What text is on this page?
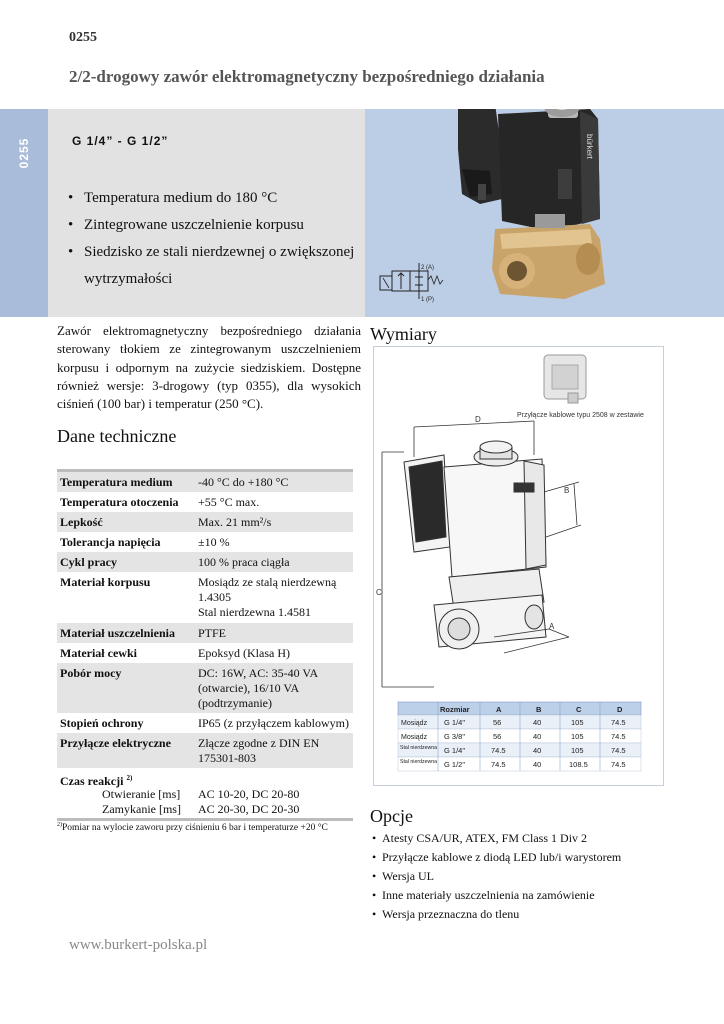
0255
2/2-drogowy zawór elektromagnetyczny bezpośredniego działania
0255	G 1/4” - G 1/2”
• Temperatura medium do 180 °C
• Zintegrowane uszczelnienie korpusu
• Siedzisko ze stali nierdzewnej o zwiększonej wytrzymałości
bürkert
2 (A)
1 (P)

Zawór elektromagnetyczny bezpośredniego działania sterowany tłokiem ze zintegrowanym uszczelnieniem korpusu i odpornym na zużycie siedziskiem. Dostępne również wersje: 3-drogowy (typ 0355), dla wysokich ciśnień (100 bar) i temperatur (250 °C).

Dane techniczne
Temperatura medium	-40 °C do +180 °C
Temperatura otoczenia	+55 °C max.
Lepkość	Max. 21 mm²/s
Tolerancja napięcia	±10 %
Cykl pracy	100 % praca ciągła
Materiał korpusu	Mosiądz ze stalą nierdzewną 1.4305
Stal nierdzewna 1.4581
Materiał uszczelnienia	PTFE
Materiał cewki	Epoksyd (Klasa H)
Pobór mocy	DC: 16W, AC: 35-40 VA (otwarcie), 16/10 VA (podtrzymanie)
Stopień ochrony	IP65 (z przyłączem kablowym)
Przyłącze elektryczne	Złącze zgodne z DIN EN 175301-803
Czas reakcji $^{2)}$
Otwieranie [ms] AC 10-20, DC 20-80
Zamykanie [ms] AC 20-30, DC 20-30
$^{2)}$Pomiar na wylocie zaworu przy ciśnieniu 6 bar i temperaturze +20 °C
Wymiary
Przyłącze kablowe typu 2508 w zestawie
D
C
B
A
Rozmiar	A	B	C	D
Mosiądz G 1/4"	56	40	105	74.5
Mosiądz G 3/8"	56	40	105	74.5
Stal nierdzewna G 1/4"	74.5	40	105	74.5
Stal nierdzewna G 1/2"	74.5	40	108.5	74.5
Opcje
• Atesty CSA/UR, ATEX, FM Class 1 Div 2
• Przyłącze kablowe z diodą LED lub/i warystorem
• Wersja UL
• Inne materiały uszczelnienia na zamówienie
• Wersja przeznaczna do tlenu
www.burkert-polska.pl
